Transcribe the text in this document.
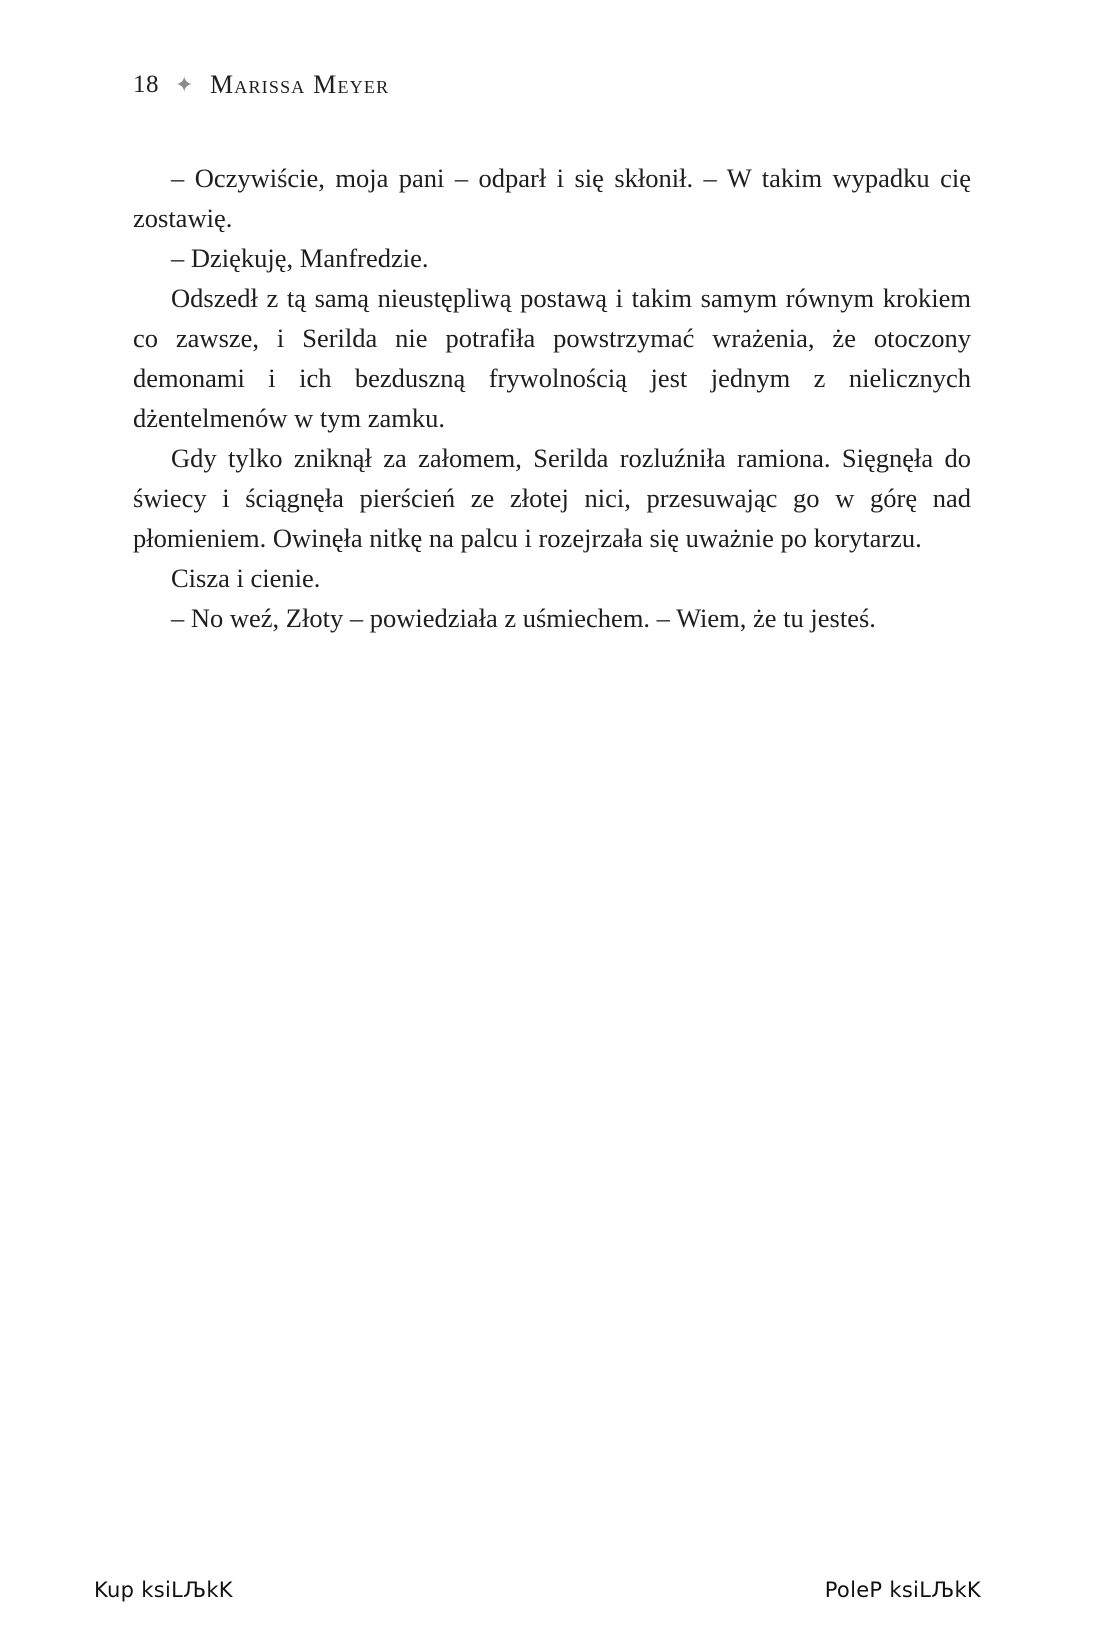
18 ✦ Marissa Meyer

– Oczywiście, moja pani – odparł i się skłonił. – W takim wypadku cię zostawię.

– Dziękuję, Manfredzie.

Odszedł z tą samą nieustępliwą postawą i takim samym równym krokiem co zawsze, i Serilda nie potrafiła powstrzymać wrażenia, że otoczony demonami i ich bezduszną frywolnością jest jednym z nielicznych dżentelmenów w tym zamku.

Gdy tylko zniknął za załomem, Serilda rozluźniła ramiona. Sięgnęła do świecy i ściągnęła pierścień ze złotej nici, przesuwając go w górę nad płomieniem. Owinęła nitkę na palcu i rozejrzała się uważnie po korytarzu.

Cisza i cienie.

– No weź, Złoty – powiedziała z uśmiechem. – Wiem, że tu jesteś.

Kup ksiLЉkK	PoleP ksiLЉkK
